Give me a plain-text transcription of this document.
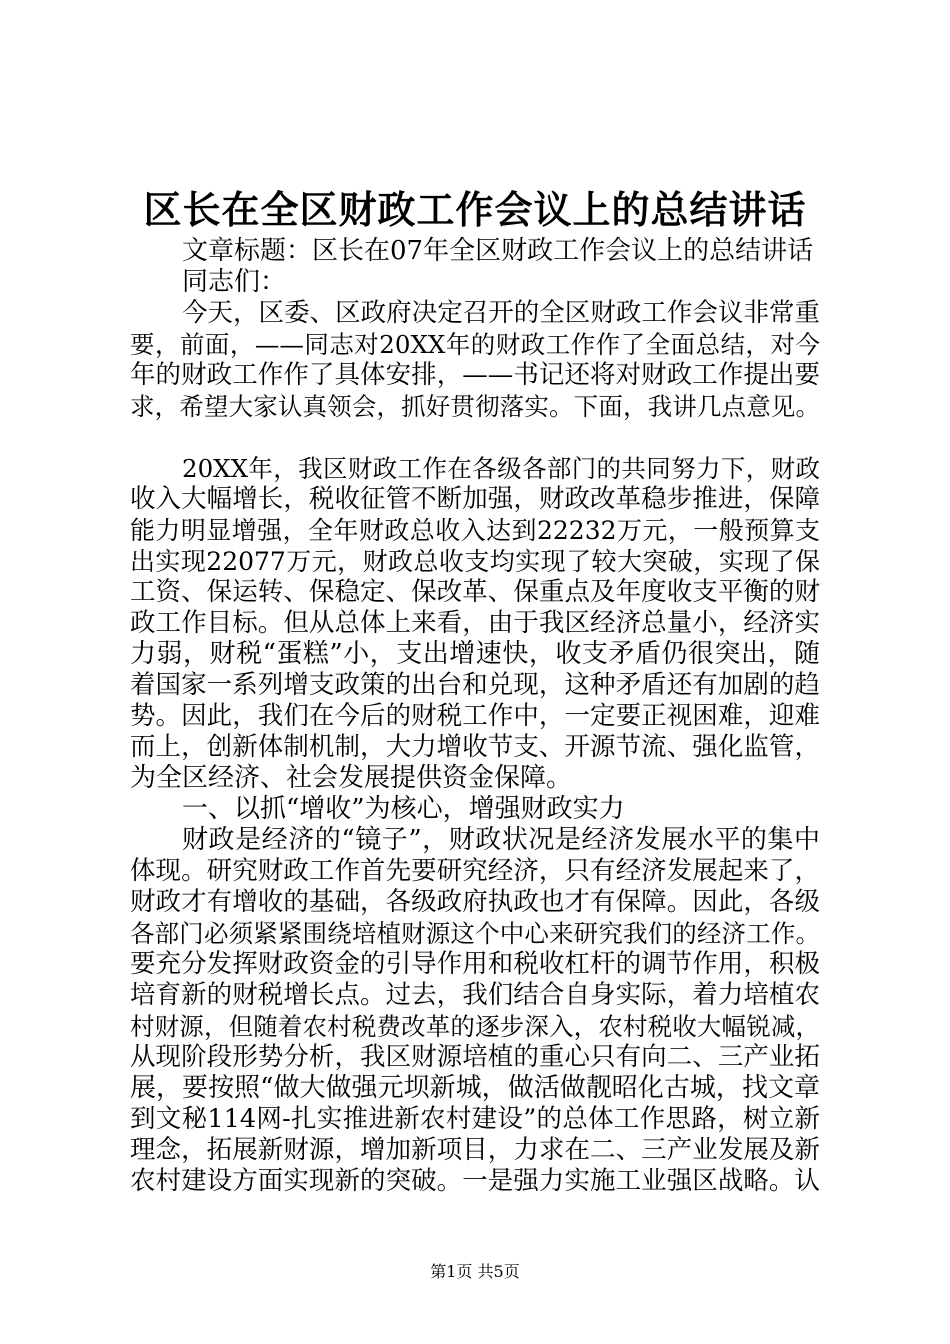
区长在全区财政工作会议上的总结讲话
文章标题：区长在07年全区财政工作会议上的总结讲话
同志们：
今天，区委、区政府决定召开的全区财政工作会议非常重
要，前面，——同志对20XX年的财政工作作了全面总结，对今
年的财政工作作了具体安排，——书记还将对财政工作提出要
求，希望大家认真领会，抓好贯彻落实。下面，我讲几点意见。
20XX年，我区财政工作在各级各部门的共同努力下，财政
收入大幅增长，税收征管不断加强，财政改革稳步推进，保障
能力明显增强，全年财政总收入达到22232万元，一般预算支
出实现22077万元，财政总收支均实现了较大突破，实现了保
工资、保运转、保稳定、保改革、保重点及年度收支平衡的财
政工作目标。但从总体上来看，由于我区经济总量小，经济实
力弱，财税“蛋糕”小，支出增速快，收支矛盾仍很突出，随
着国家一系列增支政策的出台和兑现，这种矛盾还有加剧的趋
势。因此，我们在今后的财税工作中，一定要正视困难，迎难
而上，创新体制机制，大力增收节支、开源节流、强化监管，
为全区经济、社会发展提供资金保障。
一、以抓“增收”为核心，增强财政实力
财政是经济的“镜子”，财政状况是经济发展水平的集中
体现。研究财政工作首先要研究经济，只有经济发展起来了，
财政才有增收的基础，各级政府执政也才有保障。因此，各级
各部门必须紧紧围绕培植财源这个中心来研究我们的经济工作。
要充分发挥财政资金的引导作用和税收杠杆的调节作用，积极
培育新的财税增长点。过去，我们结合自身实际，着力培植农
村财源，但随着农村税费改革的逐步深入，农村税收大幅锐减，
从现阶段形势分析，我区财源培植的重心只有向二、三产业拓
展，要按照“做大做强元坝新城，做活做靓昭化古城，找文章
到文秘114网-扎实推进新农村建设”的总体工作思路，树立新
理念，拓展新财源，增加新项目，力求在二、三产业发展及新
农村建设方面实现新的突破。一是强力实施工业强区战略。认
第1页 共5页
